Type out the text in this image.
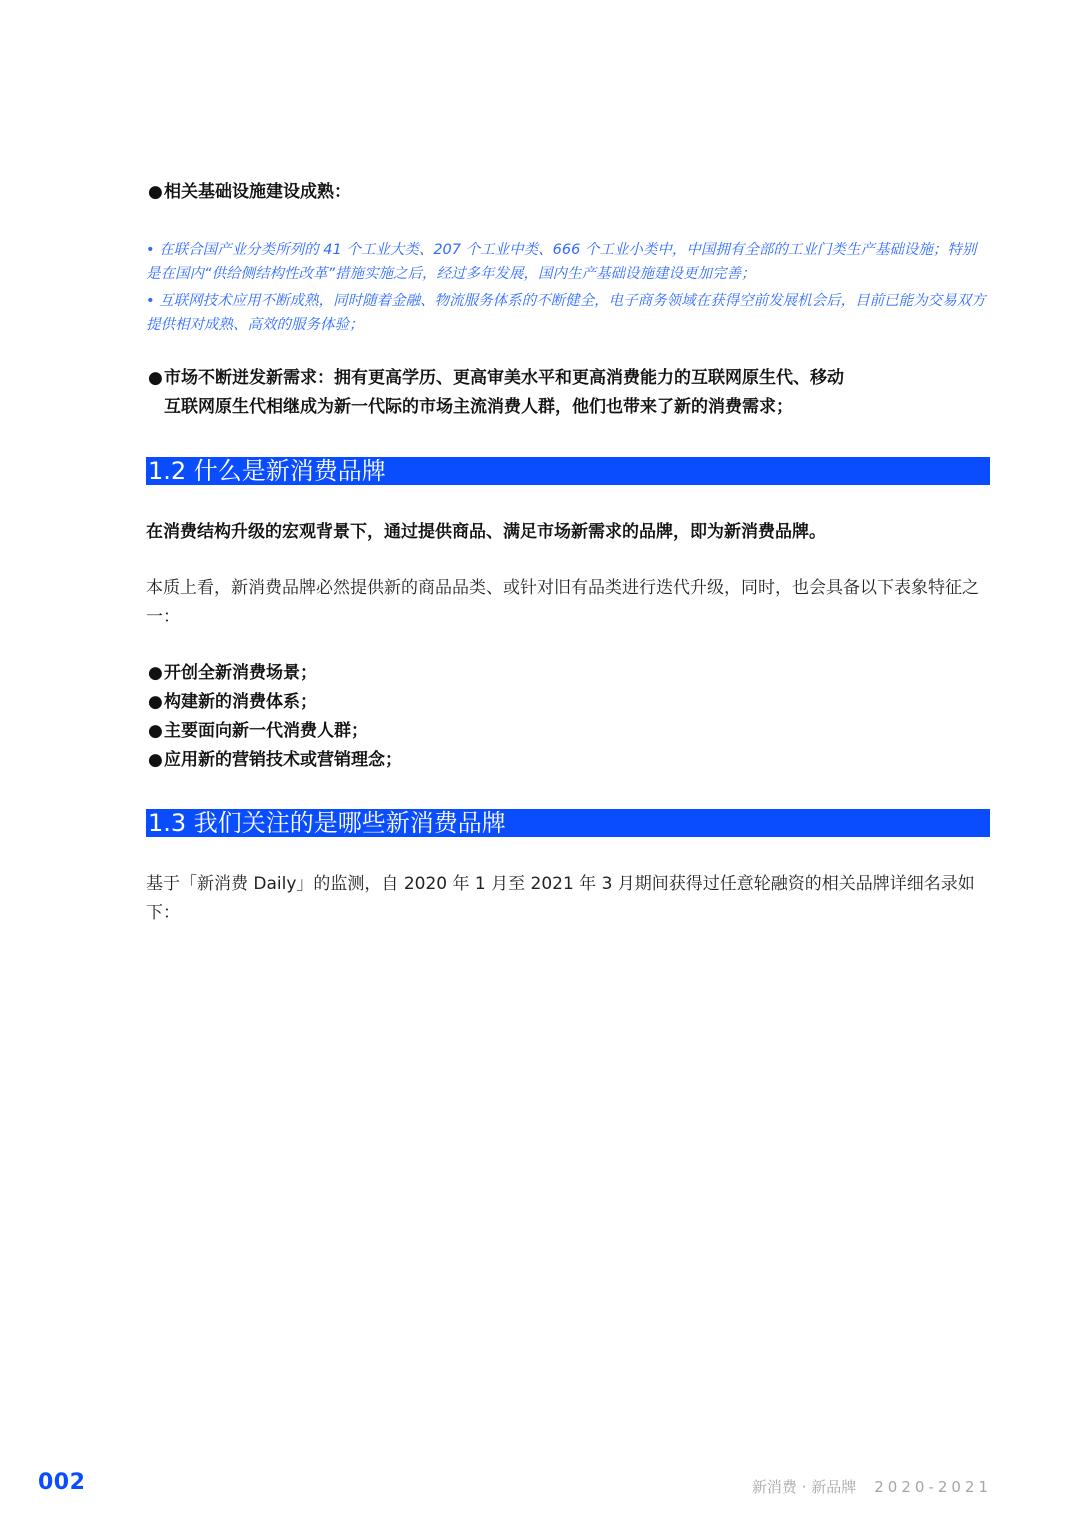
●相关基础设施建设成熟：

• 在联合国产业分类所列的 41 个工业大类、207 个工业中类、666 个工业小类中，中国拥有全部的工业门类生产基础设施；特别是在国内“供给侧结构性改革”措施实施之后，经过多年发展，国内生产基础设施建设更加完善；

• 互联网技术应用不断成熟，同时随着金融、物流服务体系的不断健全，电子商务领域在获得空前发展机会后，目前已能为交易双方提供相对成熟、高效的服务体验；

●市场不断迸发新需求：拥有更高学历、更高审美水平和更高消费能力的互联网原生代、移动
互联网原生代相继成为新一代际的市场主流消费人群，他们也带来了新的消费需求；
1.2 什么是新消费品牌
在消费结构升级的宏观背景下，通过提供商品、满足市场新需求的品牌，即为新消费品牌。
本质上看，新消费品牌必然提供新的商品品类、或针对旧有品类进行迭代升级，同时，也会具备以下表象特征之一：
●开创全新消费场景；
●构建新的消费体系；
●主要面向新一代消费人群；
●应用新的营销技术或营销理念；
1.3 我们关注的是哪些新消费品牌
基于「新消费 Daily」的监测，自 2020 年 1 月至 2021 年 3 月期间获得过任意轮融资的相关品牌详细名录如下：
002	新消费 · 新品牌 2020-2021
